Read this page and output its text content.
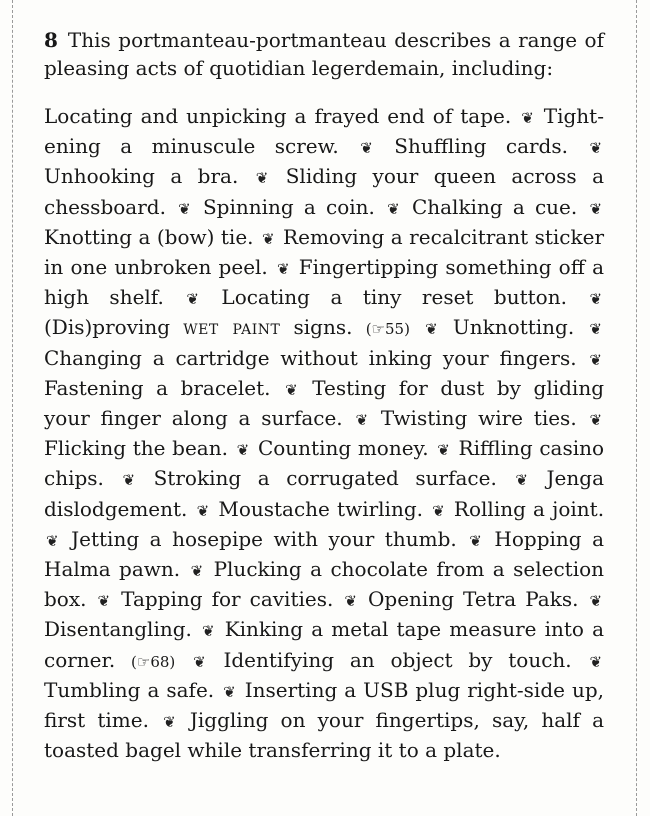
8 This portmanteau-portmanteau describes a range of pleasing acts of quotidian legerdemain, including:

Locating and unpicking a frayed end of tape. ❦ Tightening a minuscule screw. ❦ Shuffling cards. ❦ Unhooking a bra. ❦ Sliding your queen across a chessboard. ❦ Spinning a coin. ❦ Chalking a cue. ❦ Knotting a (bow) tie. ❦ Removing a recalcitrant sticker in one unbroken peel. ❦ Fingertipping something off a high shelf. ❦ Locating a tiny reset button. ❦ (Dis)proving wet paint signs. (☞55) ❦ Unknotting. ❦ Changing a cartridge without inking your fingers. ❦ Fastening a bracelet. ❦ Testing for dust by gliding your finger along a surface. ❦ Twisting wire ties. ❦ Flicking the bean. ❦ Counting money. ❦ Riffling casino chips. ❦ Stroking a corrugated surface. ❦ Jenga dislodgement. ❦ Moustache twirling. ❦ Rolling a joint. ❦ Jetting a hosepipe with your thumb. ❦ Hopping a Halma pawn. ❦ Plucking a chocolate from a selection box. ❦ Tapping for cavities. ❦ Opening Tetra Paks. ❦ Disentangling. ❦ Kinking a metal tape measure into a corner. (☞68) ❦ Identifying an object by touch. ❦ Tumbling a safe. ❦ Inserting a USB plug right-side up, first time. ❦ Jiggling on your fingertips, say, half a toasted bagel while transferring it to a plate.
